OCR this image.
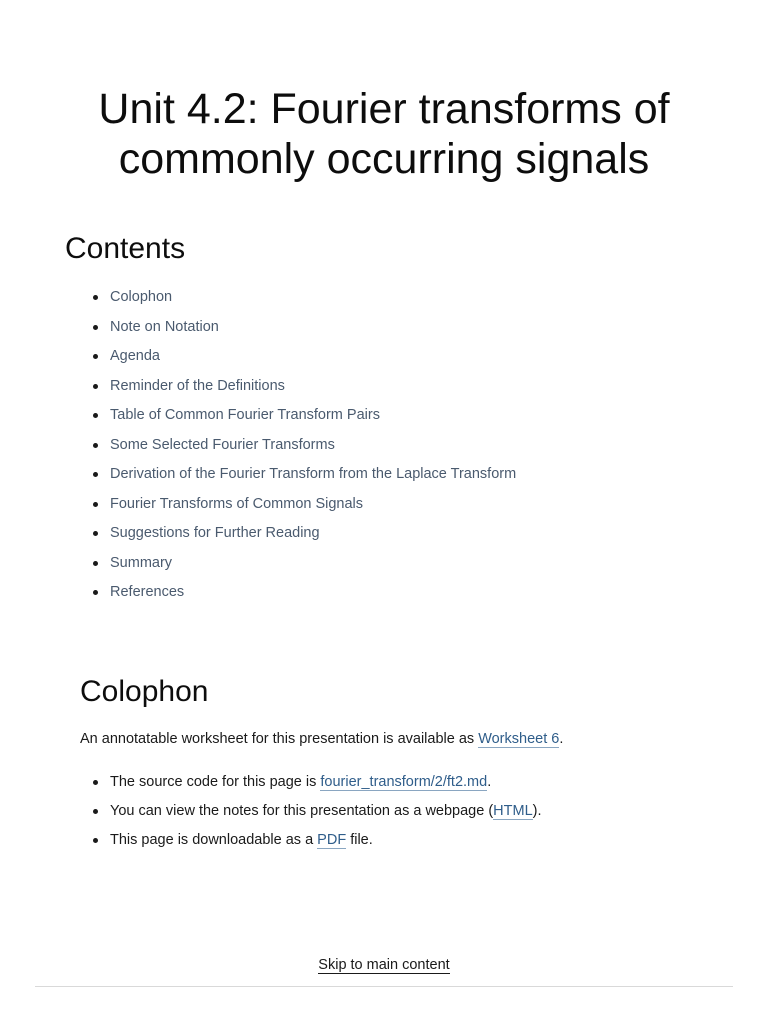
Unit 4.2: Fourier transforms of
commonly occurring signals
Contents
Colophon
Note on Notation
Agenda
Reminder of the Definitions
Table of Common Fourier Transform Pairs
Some Selected Fourier Transforms
Derivation of the Fourier Transform from the Laplace Transform
Fourier Transforms of Common Signals
Suggestions for Further Reading
Summary
References
Colophon

An annotatable worksheet for this presentation is available as Worksheet 6.

The source code for this page is fourier_transform/2/ft2.md.
You can view the notes for this presentation as a webpage (HTML).
This page is downloadable as a PDF file.
Skip to main content
